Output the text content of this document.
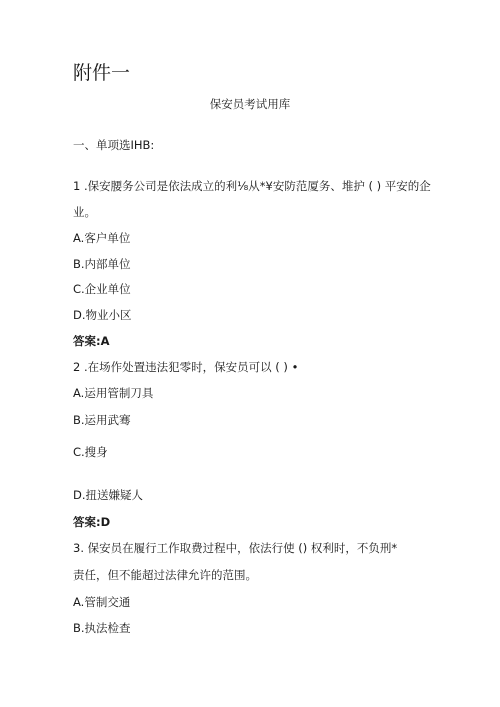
附件一
保安员考试用库
一、单项选IHB:
1 .保安腰务公司是依法成立的利⅛从*¥安防范厦务、堆护 ( ) 平安的企
业。
A.客户单位
B.内部单位
C.企业单位
D.物业小区
答案:A
2 .在场作处置违法犯零时，保安员可以 ( ) •
A.运用管制刀具
B.运用武骞
C.搜身
D.扭送嫌疑人
答案:D
3. 保安员在履行工作取费过程中，依法行使 () 权利时，不负刑*
责任，但不能超过法律允许的范围。
A.管制交通
B.执法检查
